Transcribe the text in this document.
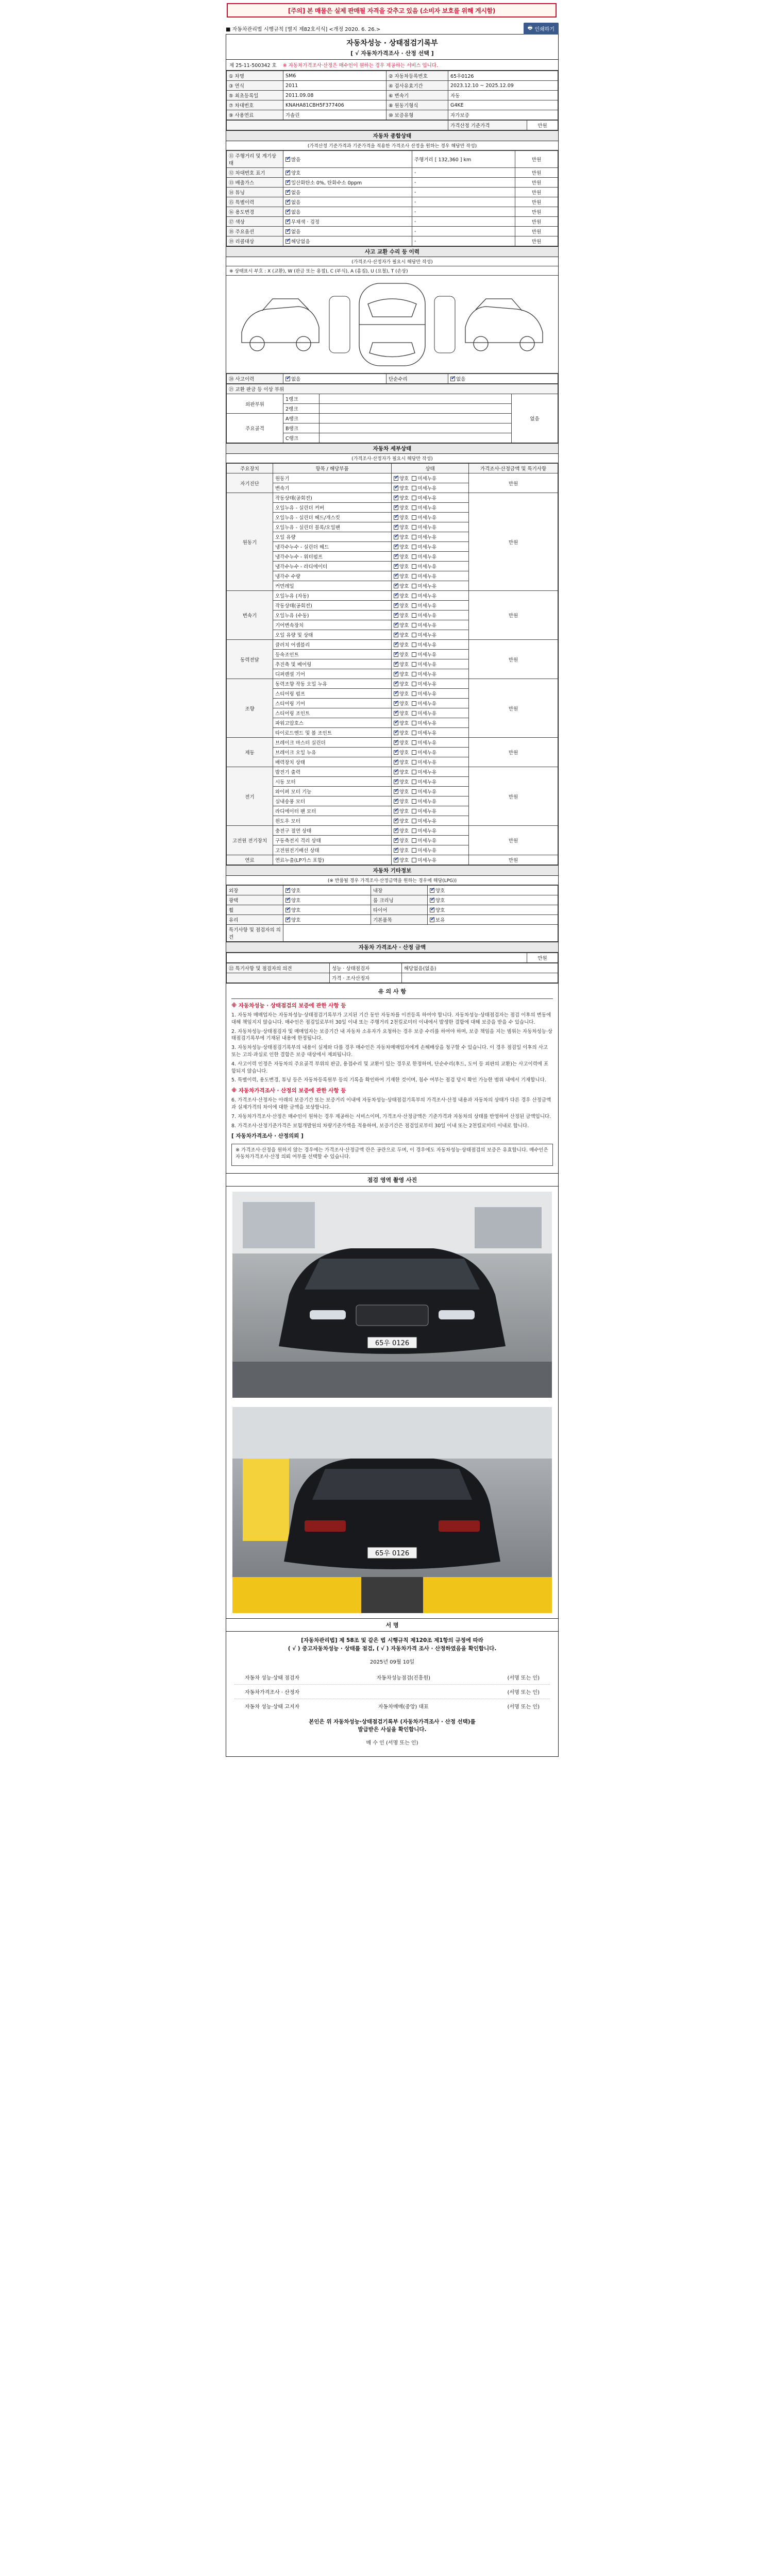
[주의] 본 매물은 실제 판매될 자격을 갖추고 있음 (소비자 보호를 위해 게시함)
■ 자동차관리법 시행규칙 [별지 제82호서식] <개정 2020. 6. 26.>	🖶 인쇄하기
자동차성능 · 상태점검기록부
[ √ 자동차가격조사 · 산정 선택 ]
제 25-11-500342 호 ※ 자동차가격조사·산정은 매수인이 원하는 경우 제공하는 서비스 입니다.
① 차명	SM6	② 자동차등록번호	65우0126
③ 연식	2011	④ 검사유효기간	2023.12.10 ~ 2025.12.09
⑤ 최초등록일	2011.09.08	⑥ 변속기	자동
⑦ 차대번호	KNAHA81CBH5F377406	⑧ 원동기형식	G4KE
⑨ 사용연료	가솔린	⑩ 보증유형	자가보증
	가격산정 기준가격	만원
자동차 종합상태
(가격산정 기준가격과 기준가격을 적용한 가격조사 산정을 원하는 경우 해당만 작성)
⑪ 주행거리 및 계기상태	✔많음	주행거리 [ 132,360 ] km	만원
⑫ 차대번호 표기	✔양호	-	만원
⑬ 배출가스	✔일산화탄소 0%, 탄화수소 0ppm	-	만원
⑭ 튜닝	✔없음	-	만원
⑮ 특별이력	✔없음	-	만원
⑯ 용도변경	✔없음	-	만원
⑰ 색상	✔무채색 · 검정	-	만원
⑱ 주요옵션	✔없음	-	만원
⑲ 리콜대상	✔해당없음	-	만원
사고 교환 수리 등 이력
(가격조사·산정자가 필요시 해당만 작성)
※ 상태표시 부호 : X (교환), W (판금 또는 용접), C (부식), A (흠집), U (요철), T (손상)
⑳ 사고이력	✔없음	단순수리	✔없음
㉑ 교환 판금 등 이상 부위			
외판부위	1랭크		없음
	2랭크		
주요골격	A랭크		
	B랭크		
	C랭크		
자동차 세부상태
(가격조사·산정자가 필요시 해당만 작성)
주요장치	항목 / 해당부품	상태	가격조사·산정금액 및 특기사항
자기진단	원동기	✔양호 미세누유	만원
	변속기	✔양호 미세누유
원동기	작동상태(공회전)	✔양호 미세누유	만원
	오일누유 - 실린더 커버	✔양호 미세누유
	오일누유 - 실린더 헤드/개스킷	✔양호 미세누유
	오일누유 - 실린더 블록/오일팬	✔양호 미세누유
	오일 유량	✔양호 미세누유
	냉각수누수 - 실린더 헤드	✔양호 미세누유
	냉각수누수 - 워터펌프	✔양호 미세누유
	냉각수누수 - 라디에이터	✔양호 미세누유
	냉각수 수량	✔양호 미세누유
	커먼레일	✔양호 미세누유
변속기	오일누유 (자동)	✔양호 미세누유	만원
	작동상태(공회전)	✔양호 미세누유
	오일누유 (수동)	✔양호 미세누유
	기어변속장치	✔양호 미세누유
	오일 유량 및 상태	✔양호 미세누유
동력전달	클러치 어셈블리	✔양호 미세누유	만원
	등속조인트	✔양호 미세누유
	추진축 및 베어링	✔양호 미세누유
	디퍼렌셜 기어	✔양호 미세누유
조향	동력조향 작동 오일 누유	✔양호 미세누유	만원
	스티어링 펌프	✔양호 미세누유
	스티어링 기어	✔양호 미세누유
	스티어링 조인트	✔양호 미세누유
	파워고압호스	✔양호 미세누유
	타이로드엔드 및 볼 조인트	✔양호 미세누유
제동	브레이크 마스터 실린더	✔양호 미세누유	만원
	브레이크 오일 누유	✔양호 미세누유
	배력장치 상태	✔양호 미세누유
전기	발전기 출력	✔양호 미세누유	만원
	시동 모터	✔양호 미세누유
	와이퍼 모터 기능	✔양호 미세누유
	실내송풍 모터	✔양호 미세누유
	라디에이터 팬 모터	✔양호 미세누유
	윈도우 모터	✔양호 미세누유
고전원 전기장치	충전구 절연 상태	✔양호 미세누유	만원
	구동축전지 격리 상태	✔양호 미세누유
	고전원전기배선 상태	✔양호 미세누유
연료	연료누출(LP가스 포함)	✔양호 미세누유	만원
자동차 기타정보
(※ 반품될 경우 가격조사·산정금액을 원하는 경우에 해당(LPG))
외장	✔양호	내장	✔양호
광택	✔양호	룸 크리닝	✔양호
휠	✔양호	타이어	✔양호
유리	✔양호	기본품목	✔보유
특기사항 및 점검자의 의견			
자동차 가격조사 · 산정 금액
	만원
㉒ 특기사항 및 점검자의 의견	성능 · 상태점검자	해당없음(없음)
	가격 · 조사산정자	
유 의 사 항
※ 자동차성능 · 상태점검의 보증에 관한 사항 등

1. 자동차 매매업자는 자동차성능·상태점검기록부가 고지된 기간 동안 자동차를 이전등록 하여야 합니다. 자동차성능·상태점검자는 점검 이후의 변동에 대해 책임지지 않습니다. 매수인은 점검일로부터 30일 이내 또는 주행거리 2천킬로미터 이내에서 발생한 결함에 대해 보증을 받을 수 있습니다.

2. 자동차성능·상태점검자 및 매매업자는 보증기간 내 자동차 소유자가 요청하는 경우 보증 수리를 하여야 하며, 보증 책임을 지는 범위는 자동차성능·상태점검기록부에 기재된 내용에 한정됩니다.

3. 자동차성능·상태점검기록부의 내용이 실제와 다를 경우 매수인은 자동차매매업자에게 손해배상을 청구할 수 있습니다. 이 경우 점검일 이후의 사고 또는 고의·과실로 인한 결함은 보증 대상에서 제외됩니다.

4. 사고이력 인정은 자동차의 주요골격 부위의 판금, 용접수리 및 교환이 있는 경우로 한정하며, 단순수리(후드, 도어 등 외판의 교환)는 사고이력에 포함되지 않습니다.

5. 특별이력, 용도변경, 튜닝 등은 자동차등록원부 등의 기록을 확인하여 기재한 것이며, 침수 여부는 점검 당시 확인 가능한 범위 내에서 기재합니다.

※ 자동차가격조사 · 산정의 보증에 관한 사항 등

6. 가격조사·산정자는 아래의 보증기간 또는 보증거리 이내에 자동차성능·상태점검기록부의 가격조사·산정 내용과 자동차의 상태가 다른 경우 산정금액과 실제가격의 차이에 대한 금액을 보상합니다.

7. 자동차가격조사·산정은 매수인이 원하는 경우 제공하는 서비스이며, 가격조사·산정금액은 기준가격과 자동차의 상태를 반영하여 산정된 금액입니다.

8. 가격조사·산정기준가격은 보험개발원의 차량기준가액을 적용하며, 보증기간은 점검일로부터 30일 이내 또는 2천킬로미터 이내로 합니다.

[ 자동차가격조사 · 산정의뢰 ]

※ 가격조사·산정을 원하지 않는 경우에는 가격조사·산정금액 란은 공란으로 두며, 이 경우에도 자동차성능·상태점검의 보증은 유효합니다. 매수인은 자동차가격조사·산정 의뢰 여부를 선택할 수 있습니다.

점검 영역 촬영 사진
65우 0126
65우 0126
서 명
[자동차관리법] 제 58조 및 같은 법 시행규칙 제120조 제1항의 규정에 따라
( √ ) 중고자동차성능 · 상태를 점검, ( √ ) 자동차가격 조사 · 산정하였음을 확인합니다.
2025년 09월 10일
자동차 성능·상태 점검자	자동차성능점검(진흥원)	(서명 또는 인)
자동차가격조사 · 산정자	(서명 또는 인)
자동차 성능·상태 고지자	자동차매매(중앙) 대표	(서명 또는 인)
본인은 위 자동차성능·상태점검기록부 (자동차가격조사 · 산정 선택)를
발급받은 사실을 확인합니다.
매 수 인 (서명 또는 인)
